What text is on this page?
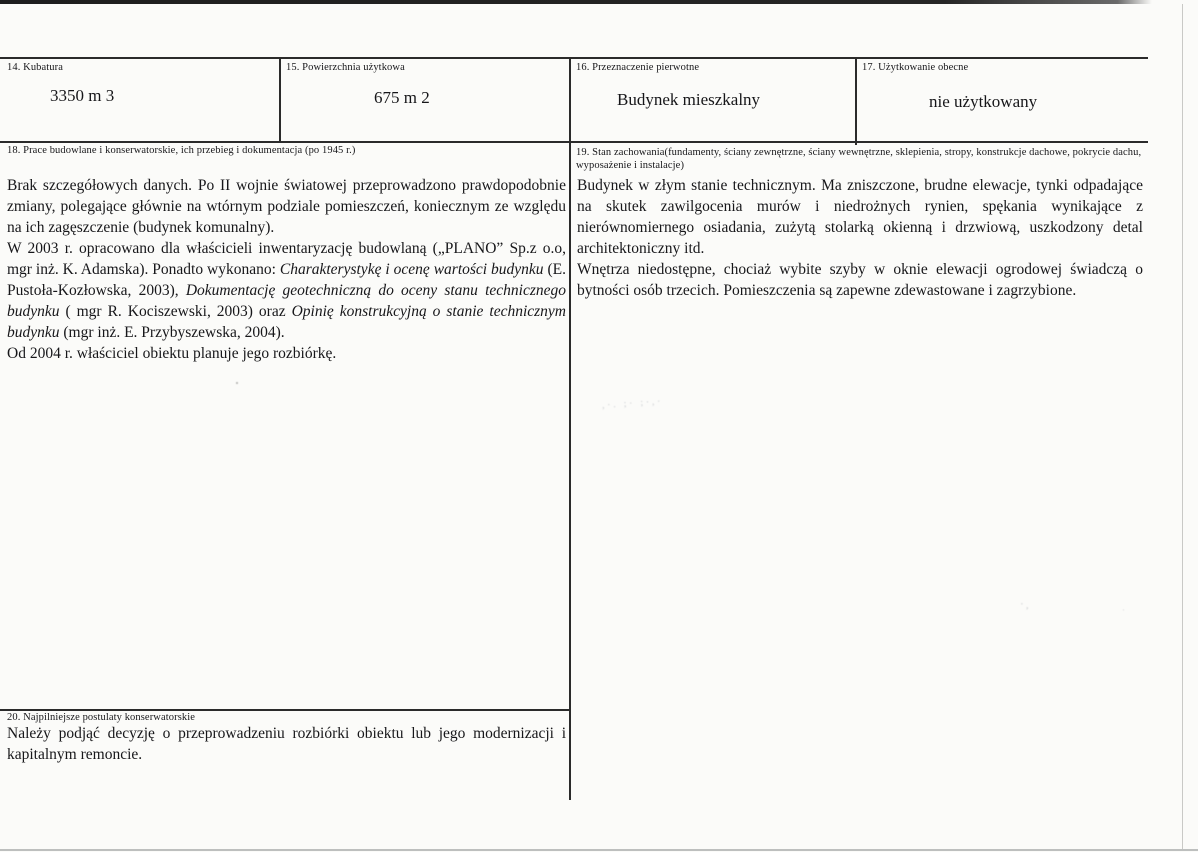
14. Kubatura
3350 m 3
15. Powierzchnia użytkowa
675 m 2
16. Przeznaczenie pierwotne
Budynek mieszkalny
17. Użytkowanie obecne
nie użytkowany
18. Prace budowlane i konserwatorskie, ich przebieg i dokumentacja (po 1945 r.)

Brak szczegółowych danych. Po II wojnie światowej przeprowadzono prawdopodobnie zmiany, polegające głównie na wtórnym podziale pomieszczeń, koniecznym ze względu na ich zagęszczenie (budynek komunalny).

W 2003 r. opracowano dla właścicieli inwentaryzację budowlaną („PLANO” Sp.z o.o, mgr inż. K. Adamska). Ponadto wykonano: Charakterystykę i ocenę wartości budynku (E. Pustoła-Kozłowska, 2003), Dokumentację geotechniczną do oceny stanu technicznego budynku ( mgr R. Kociszewski, 2003) oraz Opinię konstrukcyjną o stanie technicznym budynku (mgr inż. E. Przybyszewska, 2004).

Od 2004 r. właściciel obiektu planuje jego rozbiórkę.

19. Stan zachowania(fundamenty, ściany zewnętrzne, ściany wewnętrzne, sklepienia, stropy, konstrukcje dachowe, pokrycie dachu, wyposażenie i instalacje)

Budynek w złym stanie technicznym. Ma zniszczone, brudne elewacje, tynki odpadające na skutek zawilgocenia murów i niedrożnych rynien, spękania wynikające z nierównomiernego osiadania, zużytą stolarką okienną i drzwiową, uszkodzony detal architektoniczny itd.

Wnętrza niedostępne, chociaż wybite szyby w oknie elewacji ogrodowej świadczą o bytności osób trzecich. Pomieszczenia są zapewne zdewastowane i zagrzybione.

20. Najpilniejsze postulaty konserwatorskie

Należy podjąć decyzję o przeprowadzeniu rozbiórki obiektu lub jego modernizacji i kapitalnym remoncie.

,·. ;· ;·,·
·,	·
